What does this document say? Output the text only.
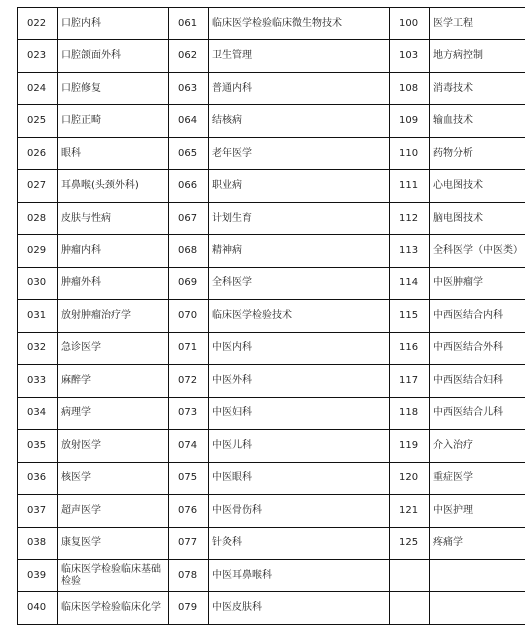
022	口腔内科	061	临床医学检验临床微生物技术	100	医学工程
023	口腔颌面外科	062	卫生管理	103	地方病控制
024	口腔修复	063	普通内科	108	消毒技术
025	口腔正畸	064	结核病	109	输血技术
026	眼科	065	老年医学	110	药物分析
027	耳鼻喉(头颈外科)	066	职业病	111	心电图技术
028	皮肤与性病	067	计划生育	112	脑电图技术
029	肿瘤内科	068	精神病	113	全科医学（中医类）
030	肿瘤外科	069	全科医学	114	中医肿瘤学
031	放射肿瘤治疗学	070	临床医学检验技术	115	中西医结合内科
032	急诊医学	071	中医内科	116	中西医结合外科
033	麻醉学	072	中医外科	117	中西医结合妇科
034	病理学	073	中医妇科	118	中西医结合儿科
035	放射医学	074	中医儿科	119	介入治疗
036	核医学	075	中医眼科	120	重症医学
037	超声医学	076	中医骨伤科	121	中医护理
038	康复医学	077	针灸科	125	疼痛学
039	临床医学检验临床基础检验	078	中医耳鼻喉科		
040	临床医学检验临床化学	079	中医皮肤科		
